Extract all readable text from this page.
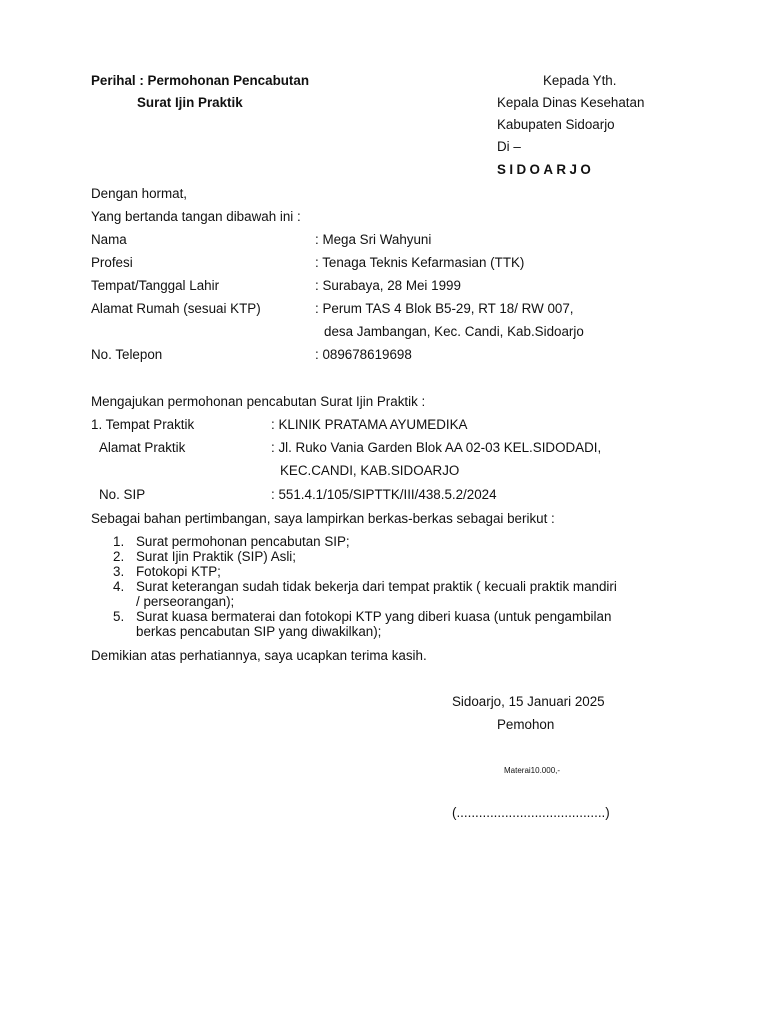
Perihal : Permohonan Pencabutan
Surat Ijin Praktik
Kepada Yth.
Kepala Dinas Kesehatan
Kabupaten Sidoarjo
Di –
SIDOARJO
Dengan hormat,
Yang bertanda tangan dibawah ini :
Nama	: Mega Sri Wahyuni
Profesi	: Tenaga Teknis Kefarmasian (TTK)
Tempat/Tanggal Lahir	: Surabaya, 28 Mei 1999
Alamat Rumah (sesuai KTP)	: Perum TAS 4 Blok B5-29, RT 18/ RW 007,
desa Jambangan, Kec. Candi, Kab.Sidoarjo
No. Telepon	: 089678619698
Mengajukan permohonan pencabutan Surat Ijin Praktik :
1. Tempat Praktik	: KLINIK PRATAMA AYUMEDIKA
Alamat Praktik	: Jl. Ruko Vania Garden Blok AA 02-03 KEL.SIDODADI,
KEC.CANDI, KAB.SIDOARJO
No. SIP	: 551.4.1/105/SIPTTK/III/438.5.2/2024
Sebagai bahan pertimbangan, saya lampirkan berkas-berkas sebagai berikut :
1. Surat permohonan pencabutan SIP;
2. Surat Ijin Praktik (SIP) Asli;
3. Fotokopi KTP;
4. Surat keterangan sudah tidak bekerja dari tempat praktik ( kecuali praktik mandiri
/ perseorangan);
5. Surat kuasa bermaterai dan fotokopi KTP yang diberi kuasa (untuk pengambilan
berkas pencabutan SIP yang diwakilkan);
Demikian atas perhatiannya, saya ucapkan terima kasih.
Sidoarjo, 15 Januari 2025
Pemohon
Materai10.000,-
(........................................)
